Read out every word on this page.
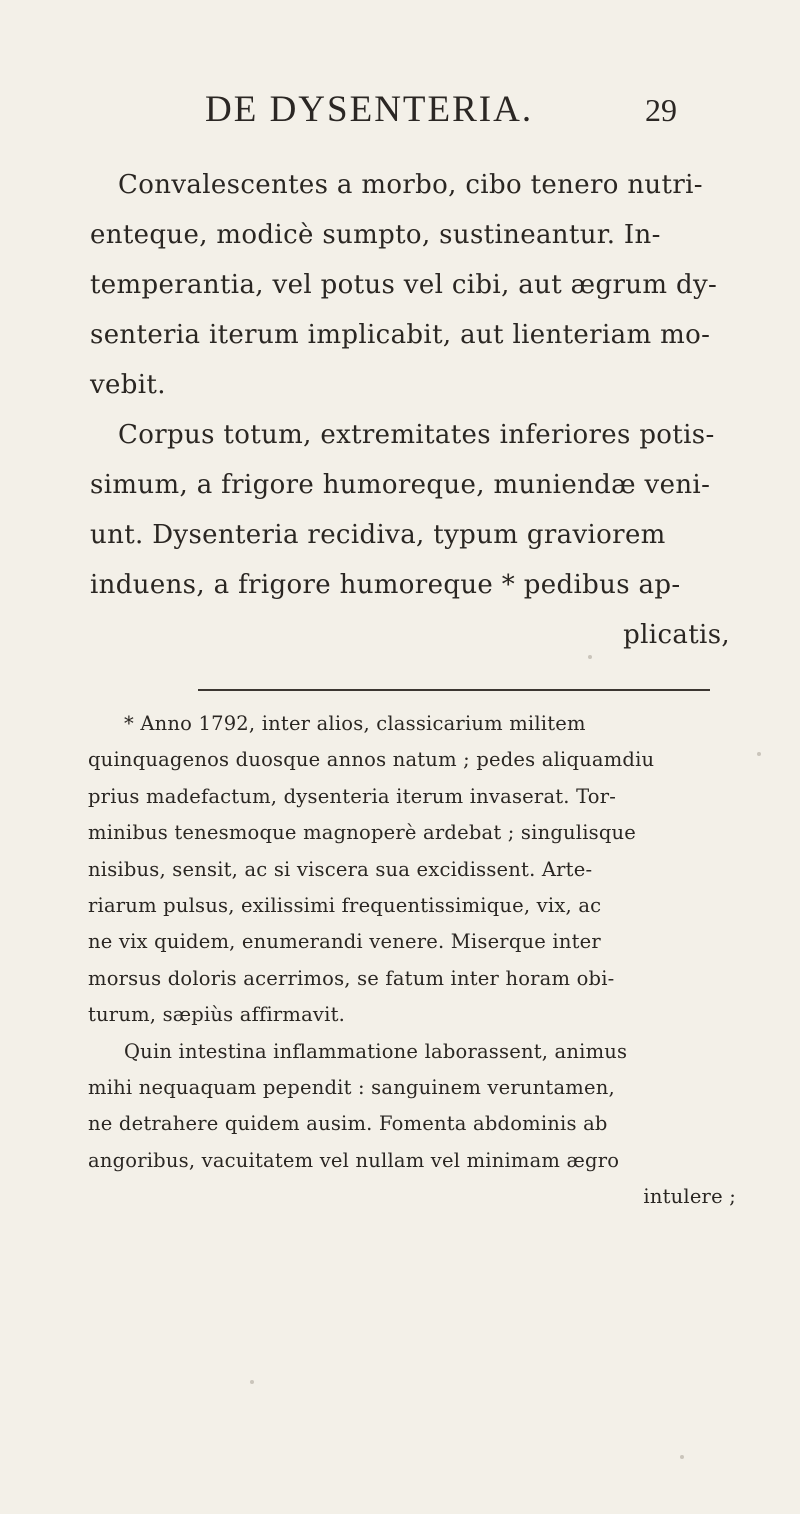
DE DYSENTERIA.	29
Convalescentes a morbo, cibo tenero nutri-
enteque, modicè sumpto, sustineantur. In-
temperantia, vel potus vel cibi, aut ægrum dy-
senteria iterum implicabit, aut lienteriam mo-
vebit.
Corpus totum, extremitates inferiores potis-
simum, a frigore humoreque, muniendæ veni-
unt. Dysenteria recidiva, typum graviorem
induens, a frigore humoreque * pedibus ap-
plicatis,
* Anno 1792, inter alios, classicarium militem
quinquagenos duosque annos natum ; pedes aliquamdiu
prius madefactum, dysenteria iterum invaserat. Tor-
minibus tenesmoque magnoperè ardebat ; singulisque
nisibus, sensit, ac si viscera sua excidissent. Arte-
riarum pulsus, exilissimi frequentissimique, vix, ac
ne vix quidem, enumerandi venere. Miserque inter
morsus doloris acerrimos, se fatum inter horam obi-
turum, sæpiùs affirmavit.
Quin intestina inflammatione laborassent, animus
mihi nequaquam pependit : sanguinem veruntamen,
ne detrahere quidem ausim. Fomenta abdominis ab
angoribus, vacuitatem vel nullam vel minimam ægro
intulere ;
